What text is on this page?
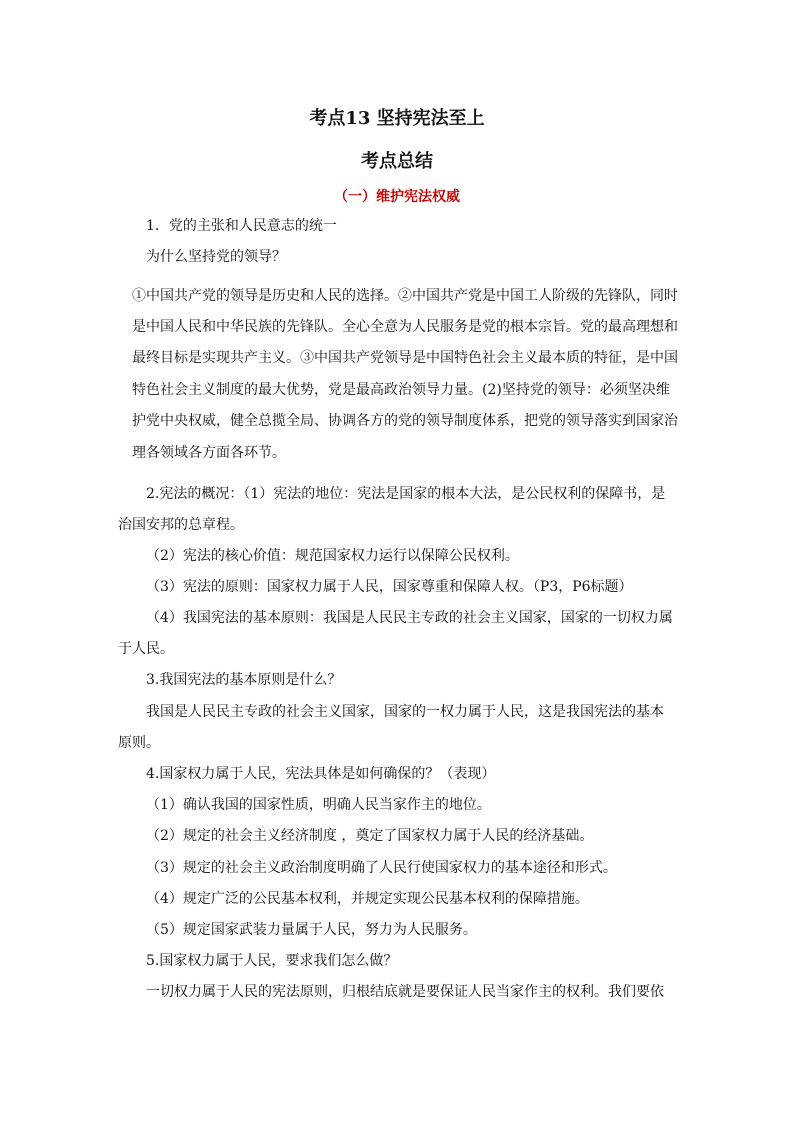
考点13 坚持宪法至上
考点总结
（一）维护宪法权威
1．党的主张和人民意志的统一
为什么坚持党的领导？
①中国共产党的领导是历史和人民的选择。②中国共产党是中国工人阶级的先锋队，同时
是中国人民和中华民族的先锋队。全心全意为人民服务是党的根本宗旨。党的最高理想和
最终目标是实现共产主义。③中国共产党领导是中国特色社会主义最本质的特征，是中国
特色社会主义制度的最大优势，党是最高政治领导力量。(2)坚持党的领导：必须坚决维
护党中央权威，健全总揽全局、协调各方的党的领导制度体系，把党的领导落实到国家治
理各领域各方面各环节。
2.宪法的概况：（1）宪法的地位：宪法是国家的根本大法，是公民权利的保障书，是
治国安邦的总章程。
（2）宪法的核心价值：规范国家权力运行以保障公民权利。
（3）宪法的原则：国家权力属于人民，国家尊重和保障人权。（P3，P6标题）
（4）我国宪法的基本原则：我国是人民民主专政的社会主义国家，国家的一切权力属
于人民。
3.我国宪法的基本原则是什么？
我国是人民民主专政的社会主义国家，国家的一权力属于人民，这是我国宪法的基本
原则。
4.国家权力属于人民，宪法具体是如何确保的？（表现）
（1）确认我国的国家性质，明确人民当家作主的地位。
（2）规定的社会主义经济制度 ，奠定了国家权力属于人民的经济基础。
（3）规定的社会主义政治制度明确了人民行使国家权力的基本途径和形式。
（4）规定广泛的公民基本权利，并规定实现公民基本权利的保障措施。
（5）规定国家武装力量属于人民，努力为人民服务。
5.国家权力属于人民，要求我们怎么做？
一切权力属于人民的宪法原则，归根结底就是要保证人民当家作主的权利。我们要依
